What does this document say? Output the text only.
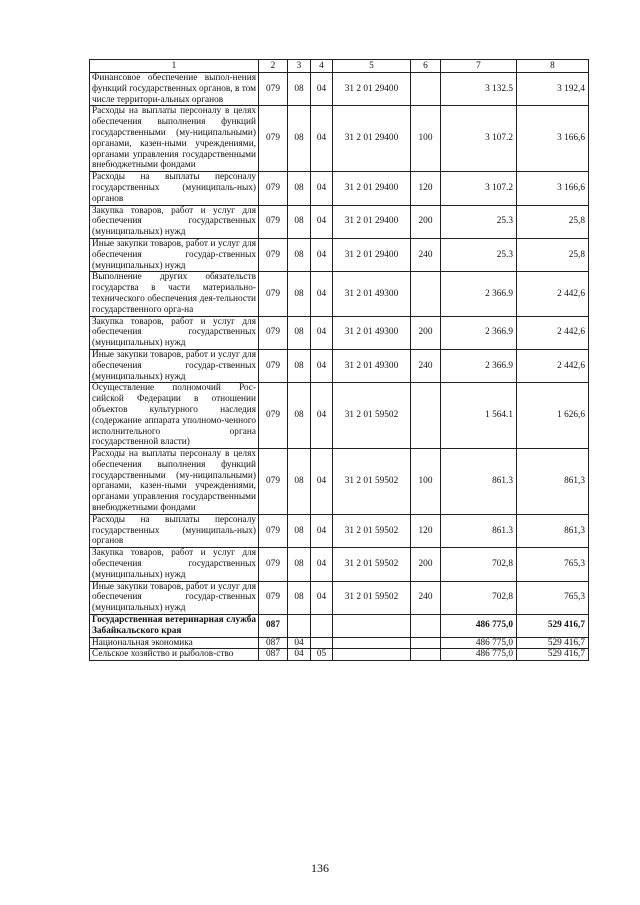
1	2	3	4	5	6	7	8
Финансовое обеспечение выпол-нения функций государственных органов, в том числе территори-альных органов	079	08	04	31 2 01 29400		3 132.5	3 192,4
Расходы на выплаты персоналу в целях обеспечения выполнения функций государственными (му-ниципальными) органами, казен-ными учреждениями, органами управления государственными внебюджетными фондами	079	08	04	31 2 01 29400	100	3 107.2	3 166,6
Расходы на выплаты персоналу государственных (муниципаль-ных) органов	079	08	04	31 2 01 29400	120	3 107.2	3 166,6
Закупка товаров, работ и услуг для обеспечения государственных (муниципальных) нужд	079	08	04	31 2 01 29400	200	25.3	25,8
Иные закупки товаров, работ и услуг для обеспечения государ-ственных (муниципальных) нужд	079	08	04	31 2 01 29400	240	25.3	25,8
Выполнение других обязательств государства в части материально-технического обеспечения дея-тельности государственного орга-на	079	08	04	31 2 01 49300		2 366.9	2 442,6
Закупка товаров, работ и услуг для обеспечения государственных (муниципальных) нужд	079	08	04	31 2 01 49300	200	2 366.9	2 442,6
Иные закупки товаров, работ и услуг для обеспечения государ-ственных (муниципальных) нужд	079	08	04	31 2 01 49300	240	2 366.9	2 442,6
Осуществление полномочий Рос-сийской Федерации в отношении объектов культурного наследия (содержание аппарата уполномо-ченного исполнительного органа государственной власти)	079	08	04	31 2 01 59502		1 564.1	1 626,6
Расходы на выплаты персоналу в целях обеспечения выполнения функций государственными (му-ниципальными) органами, казен-ными учреждениями, органами управления государственными внебюджетными фондами	079	08	04	31 2 01 59502	100	861.3	861,3
Расходы на выплаты персоналу государственных (муниципаль-ных) органов	079	08	04	31 2 01 59502	120	861.3	861,3
Закупка товаров, работ и услуг для обеспечения государственных (муниципальных) нужд	079	08	04	31 2 01 59502	200	702,8	765,3
Иные закупки товаров, работ и услуг для обеспечения государ-ственных (муниципальных) нужд	079	08	04	31 2 01 59502	240	702,8	765,3
Государственная ветеринарная служба Забайкальского края	087					486 775,0	529 416,7
Национальная экономика	087	04				486 775,0	529 416,7
Сельское хозяйство и рыболов-ство	087	04	05			486 775,0	529 416,7
136
